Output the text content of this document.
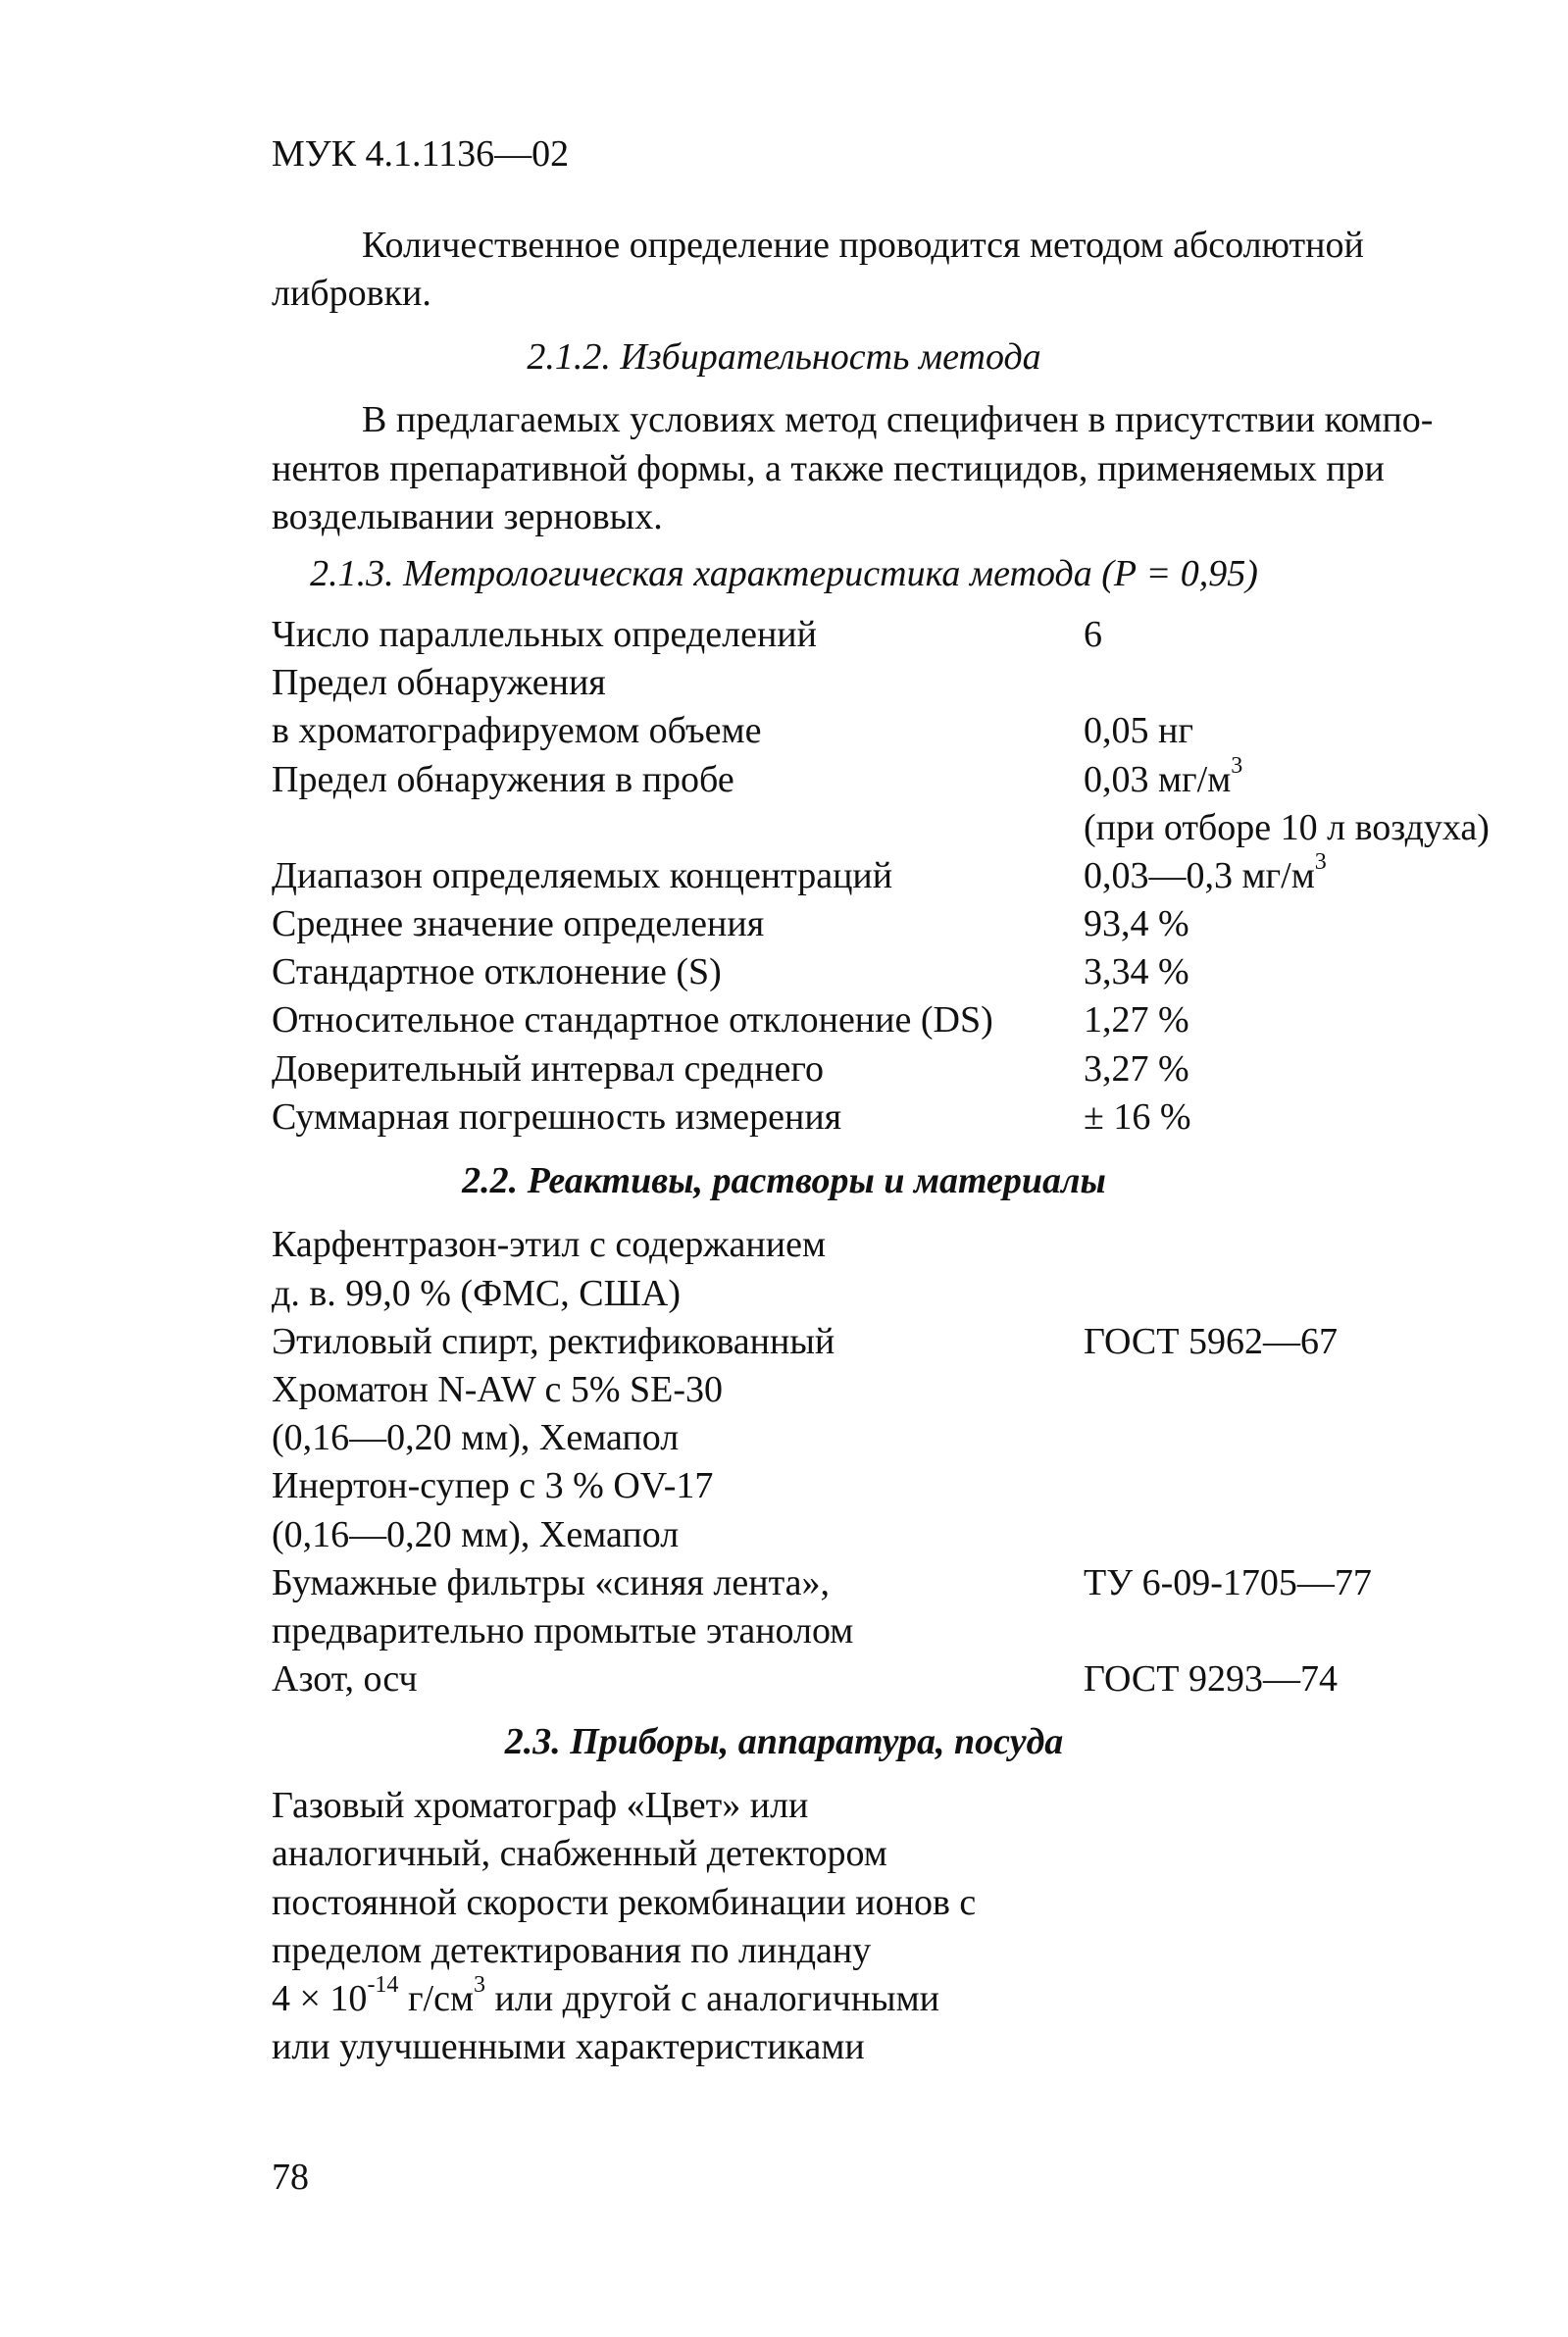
МУК 4.1.1136—02
Количественное определение проводится методом абсолютной
либровки.
2.1.2. Избирательность метода
В предлагаемых условиях метод специфичен в присутствии компо-
нентов препаративной формы, а также пестицидов, применяемых при
возделывании зерновых.
2.1.3. Метрологическая характеристика метода (Р = 0,95)
Число параллельных определений	6
Предел обнаружения
в хроматографируемом объеме	0,05 нг
Предел обнаружения в пробе	0,03 $мг/м^3$
(при отборе 10 л воздуха)
Диапазон определяемых концентраций	0,03—0,3 $мг/м^3$
Среднее значение определения	93,4 %
Стандартное отклонение (S)	3,34 %
Относительное стандартное отклонение (DS) 1,27 %
Доверительный интервал среднего	3,27 %
Суммарная погрешность измерения	± 16 %
2.2. Реактивы, растворы и материалы
Карфентразон-этил с содержанием
д. в. 99,0 % (ФМС, США)
Этиловый спирт, ректификованный	ГОСТ 5962—67
Хроматон N-AW с 5% SE-30
(0,16—0,20 мм), Хемапол
Инертон-супер с 3 % OV-17
(0,16—0,20 мм), Хемапол
Бумажные фильтры «синяя лента»,	ТУ 6-09-1705—77
предварительно промытые этанолом
Азот, осч	ГОСТ 9293—74
2.3. Приборы, аппаратура, посуда
Газовый хроматограф «Цвет» или
аналогичный, снабженный детектором
постоянной скорости рекомбинации ионов с
пределом детектирования по линдану
$4 \times 10^{-14}$ $г/см^3$ или другой с аналогичными
или улучшенными характеристиками
78
